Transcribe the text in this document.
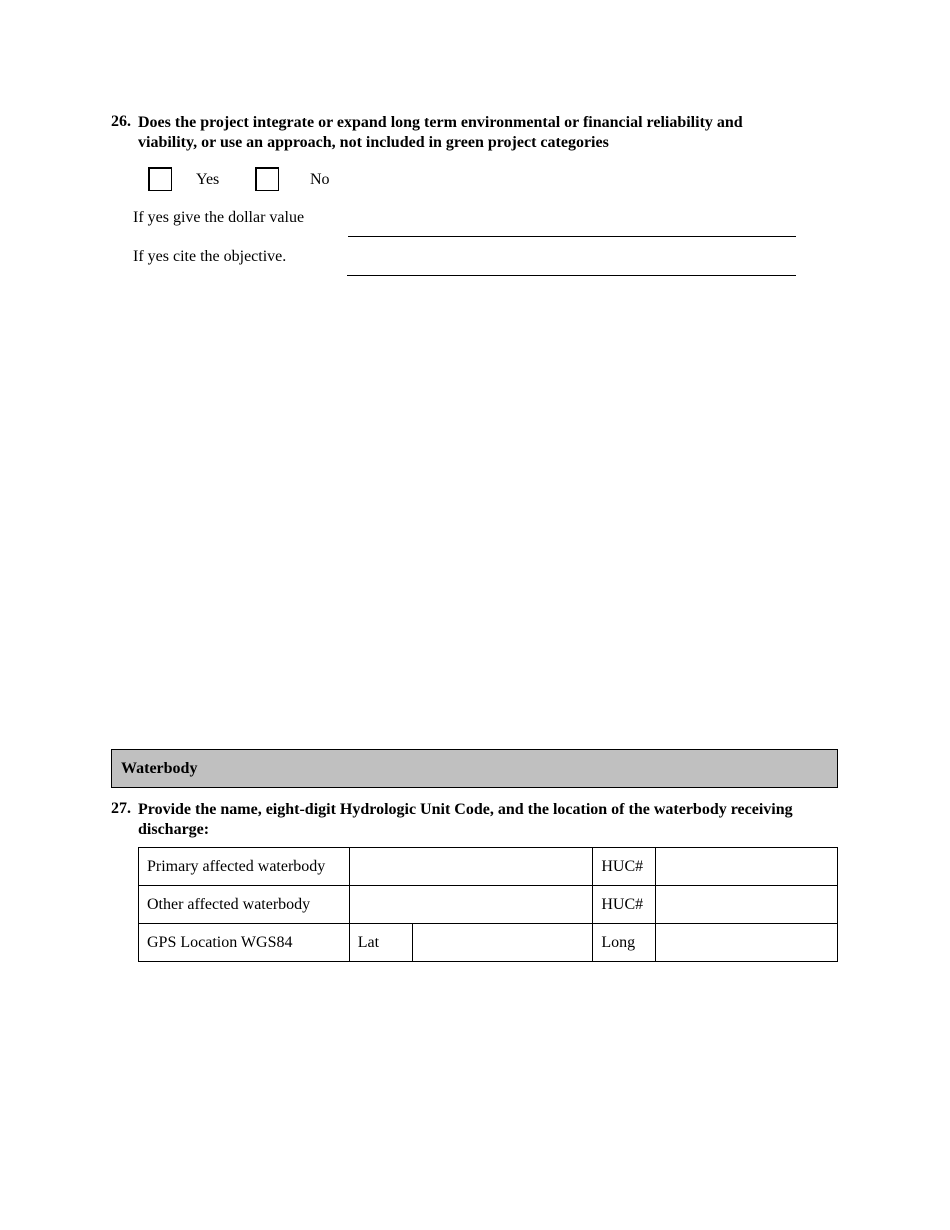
26. Does the project integrate or expand long term environmental or financial reliability and
viability, or use an approach, not included in green project categories
Yes	No
If yes give the dollar value
If yes cite the objective.
Waterbody
27. Provide the name, eight-digit Hydrologic Unit Code, and the location of the waterbody receiving
discharge:
Primary affected waterbody			HUC#	
Other affected waterbody			HUC#	
GPS Location WGS84	Lat		Long	
